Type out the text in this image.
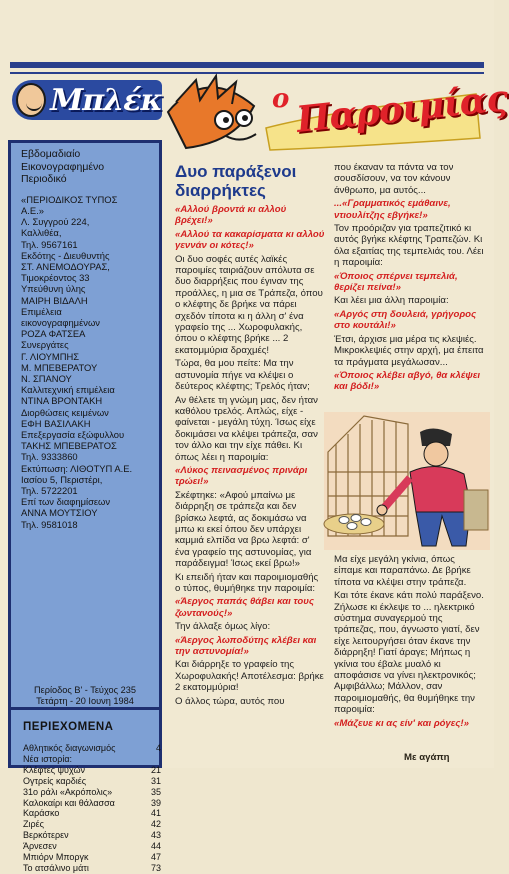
Μπλέκ	ο Παροιμίας
Εβδομαδιαίο
Εικονογραφημένο
Περιοδικό
«ΠΕΡΙΟΔΙΚΟΣ ΤΥΠΟΣ
Α.Ε.»
Λ. Συγγρού 224,
Καλλιθέα,
Τηλ. 9567161
Εκδότης - Διευθυντής
ΣΤ. ΑΝΕΜΟΔΟΥΡΑΣ,
Τιμοκρέοντος 33
Υπεύθυνη ύλης
ΜΑΙΡΗ ΒΙΔΑΛΗ
Επιμέλεια
εικονογραφημένων
ΡΟΖΑ ΦΑΤΣΕΑ
Συνεργάτες
Γ. ΛΙΟΥΜΠΗΣ
Μ. ΜΠΕΒΕΡΑΤΟΥ
Ν. ΣΠΑΝΟΥ
Καλλιτεχνική επιμέλεια
ΝΤΙΝΑ ΒΡΟΝΤΑΚΗ
Διορθώσεις κειμένων
ΕΦΗ ΒΑΣΙΛΑΚΗ
Επεξεργασία εξώφυλλου
ΤΑΚΗΣ ΜΠΕΒΕΡΑΤΟΣ
Τηλ. 9333860
Εκτύπωση: ΛΙΘΟΤΥΠ Α.Ε.
Ιασίου 5, Περιστέρι,
Τηλ. 5722201
Επί των διαφημίσεων
ΑΝΝΑ ΜΟΥΤΣΙΟΥ
Τηλ. 9581018
Περίοδος Β' - Τεύχος 235
Τετάρτη - 20 Ιουνη 1984
ΠΕΡΙΕΧΟΜΕΝΑ
Αθλητικός διαγωνισμός	4
Νέα ιστορία:
Κλέφτες ψυχών	21
Ογτρείς καρδιές	31
31ο ράλι «Ακρόπολις»	35
Καλοκαίρι και θάλασσα	39
Καράσκο	41
Ζιρές	42
Βερκότερεν	43
Άρνεσεν	44
Μπιόρν Μποργκ	47
Το ατσάλινο μάτι	73
Δυο παράξενοι διαρρήκτες
«Αλλού βροντά κι αλλού βρέχει!»
«Αλλού τα κακαρίσματα κι αλλού γεννάν οι κότες!»
Οι δυο σοφές αυτές λαϊκές παροιμίες ταιριάζουν απόλυτα σε δυο διαρρήξεις που έγιναν της προάλλες, η μια σε Τράπεζα, όπου ο κλέφτης δε βρήκε να πάρει σχεδόν τίποτα κι η άλλη σ' ένα γραφείο της ... Χωροφυλακής, όπου ο κλέφτης βρήκε ... 2 εκατομμύρια δραχμές!
Τώρα, θα μου πείτε: Μα την αστυνομία πήγε να κλέψει ο δεύτερος κλέφτης; Τρελός ήταν;
Αν θέλετε τη γνώμη μας, δεν ήταν καθόλου τρελός. Απλώς, είχε - φαίνεται - μεγάλη τύχη. Ίσως είχε δοκιμάσει να κλέψει τράπεζα, σαν τον άλλο και την είχε πάθει. Κι όπως λέει η παροιμία:
«Λύκος πεινασμένος πρινάρι τρώει!»
Σκέφτηκε: «Αφού μπαίνω με διάρρηξη σε τράπεζα και δεν βρίσκω λεφτά, ας δοκιμάσω να μπω κι εκεί όπου δεν υπάρχει καμμιά ελπίδα να βρω λεφτά: σ' ένα γραφείο της αστυνομίας, για παράδειγμα! Ίσως εκεί βρω!»
Κι επειδή ήταν και παροιμιομαθής ο τύπος, θυμήθηκε την παροιμία:
«Άεργος παπάς θάβει και τους ζωντανούς!»
Την άλλαξε όμως λίγο:
«Άεργος λωποδύτης κλέβει και την αστυνομία!»
Και διάρρηξε το γραφείο της Χωροφυλακής! Αποτέλεσμα: βρήκε 2 εκατομμύρια!
Ο άλλος τώρα, αυτός που
που έκαναν τα πάντα να τον σουσδίσουν, να τον κάνουν άνθρωπο, μα αυτός...
...«Γραμματικός εμάθαινε, ντιουλίτζης εβγήκε!»
Τον προόριζαν για τραπεζιτικό κι αυτός βγήκε κλέφτης Τραπεζών. Κι όλα εξαιτίας της τεμπελιάς του. Λέει η παροιμία:
«Όποιος σπέρνει τεμπελιά, θερίζει πείνα!»
Και λέει μια άλλη παροιμία:
«Αργός στη δουλειά, γρήγορος στο κουτάλι!»
Έτσι, άρχισε μια μέρα τις κλεψιές. Μικροκλεψιές στην αρχή, μα έπειτα τα πράγματα μεγάλωσαν...
«Όποιος κλέβει αβγό, θα κλέψει και βόδι!»
Μα είχε μεγάλη γκίνια, όπως είπαμε και παραπάνω. Δε βρήκε τίποτα να κλέψει στην τράπεζα.
Και τότε έκανε κάτι πολύ παράξενο. Ζήλωσε κι έκλεψε το ... ηλεκτρικό σύστημα συναγερμού της τράπεζας, που, άγνωστο γιατί, δεν είχε λειτουργήσει όταν έκανε την διάρρηξη! Γιατί άραγε; Μήπως η γκίνια του έβαλε μυαλό κι αποφάσισε να γίνει ηλεκτρονικός; Αμφιβάλλω; Μάλλον, σαν παροιμιομαθής, θα θυμήθηκε την παροιμία:
«Μάζευε κι ας είν' και ρόγες!»
Με αγάπη
